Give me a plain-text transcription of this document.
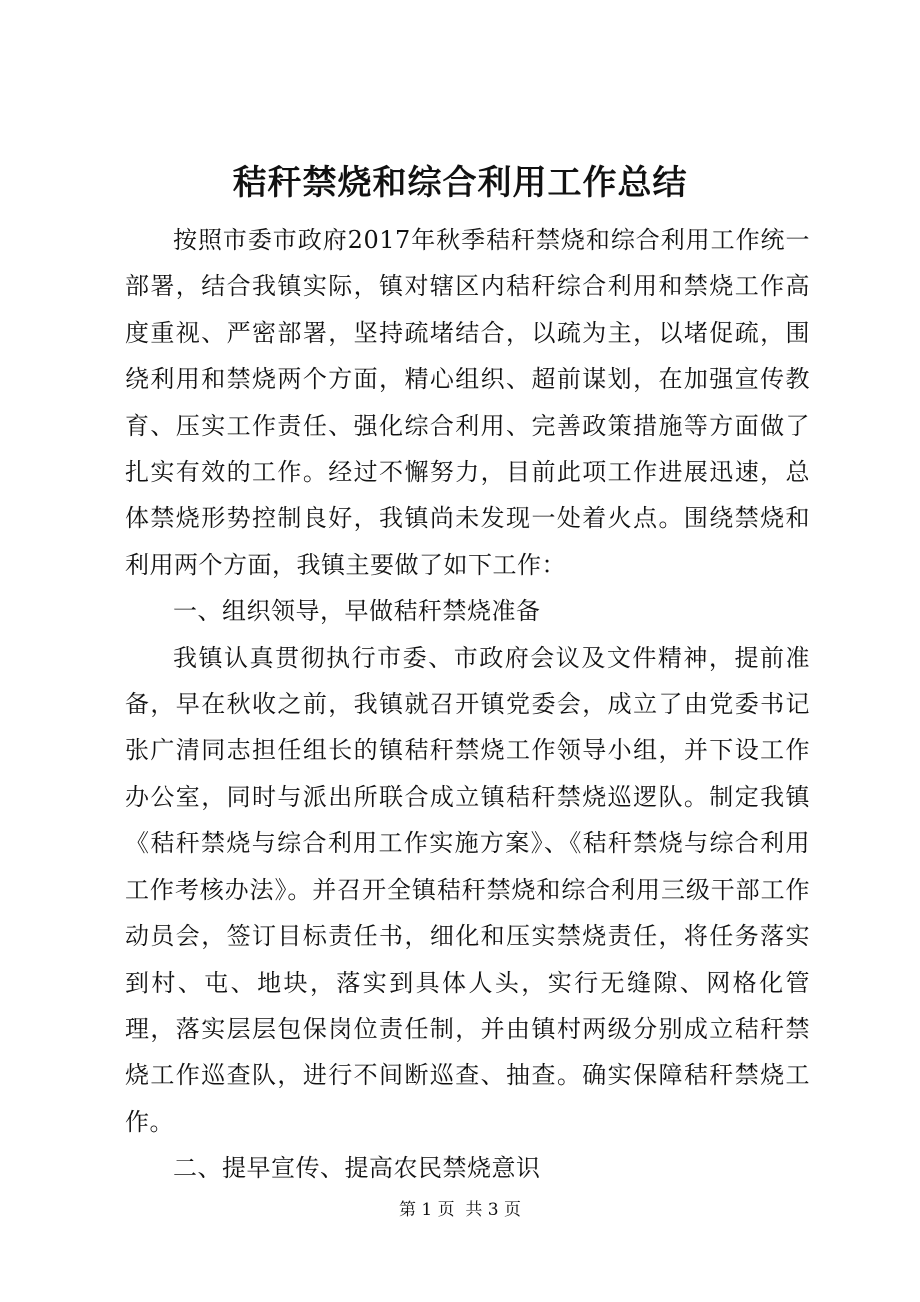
秸秆禁烧和综合利用工作总结

按照市委市政府2017年秋季秸秆禁烧和综合利用工作统一部署，结合我镇实际，镇对辖区内秸秆综合利用和禁烧工作高度重视、严密部署，坚持疏堵结合，以疏为主，以堵促疏，围绕利用和禁烧两个方面，精心组织、超前谋划，在加强宣传教育、压实工作责任、强化综合利用、完善政策措施等方面做了扎实有效的工作。经过不懈努力，目前此项工作进展迅速，总体禁烧形势控制良好，我镇尚未发现一处着火点。围绕禁烧和利用两个方面，我镇主要做了如下工作：

一、组织领导，早做秸秆禁烧准备

我镇认真贯彻执行市委、市政府会议及文件精神，提前准备，早在秋收之前，我镇就召开镇党委会，成立了由党委书记张广清同志担任组长的镇秸秆禁烧工作领导小组，并下设工作办公室，同时与派出所联合成立镇秸秆禁烧巡逻队。制定我镇《秸秆禁烧与综合利用工作实施方案》、《秸秆禁烧与综合利用工作考核办法》。并召开全镇秸秆禁烧和综合利用三级干部工作动员会，签订目标责任书，细化和压实禁烧责任，将任务落实到村、屯、地块，落实到具体人头，实行无缝隙、网格化管理，落实层层包保岗位责任制，并由镇村两级分别成立秸秆禁烧工作巡查队，进行不间断巡查、抽查。确实保障秸秆禁烧工作。

二、提早宣传、提高农民禁烧意识

第 1 页  共 3 页
